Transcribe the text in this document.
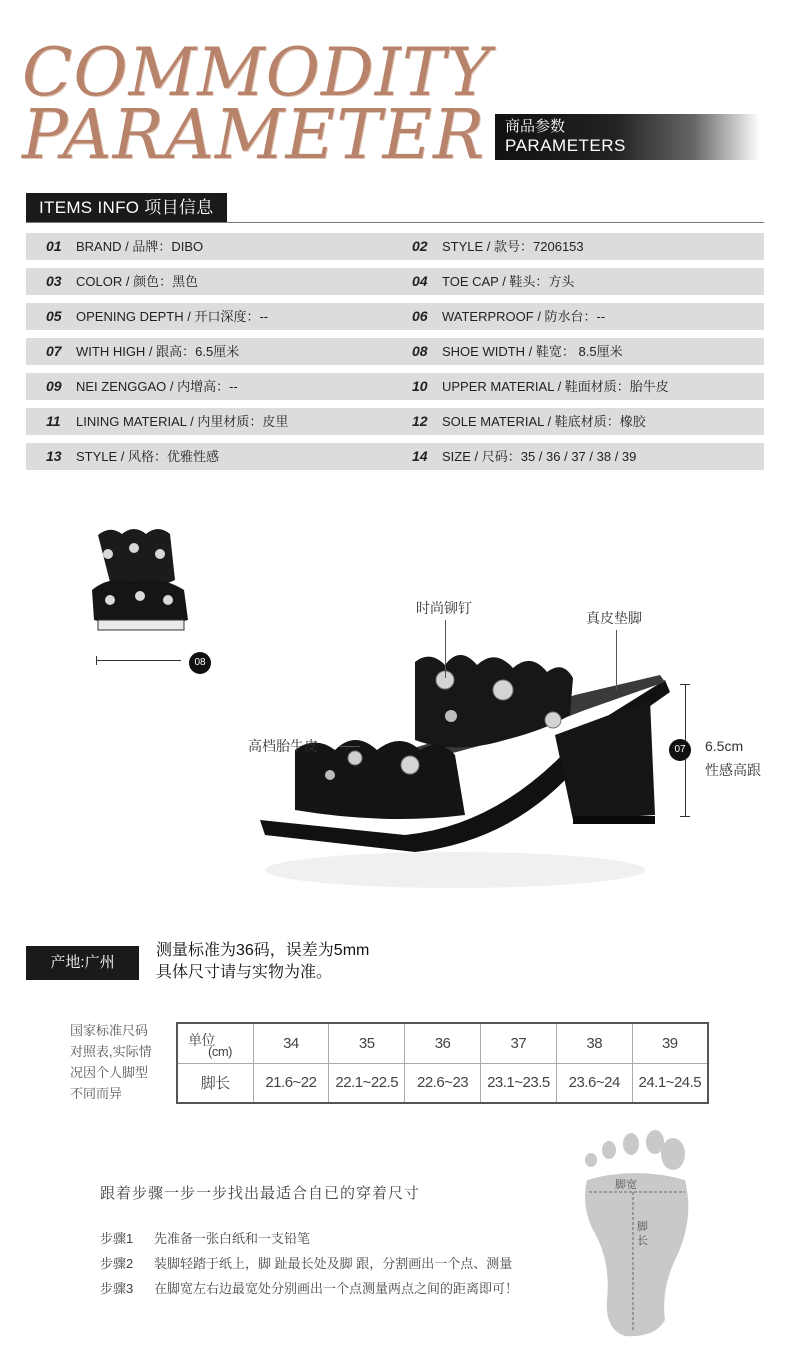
COMMODITY
PARAMETER 商品参数
PARAMETERS
ITEMS INFO 项目信息
01 BRAND / 品牌：DIBO	02 STYLE / 款号：7206153
03 COLOR / 颜色：黑色	04 TOE CAP / 鞋头：方头
05 OPENING DEPTH / 开口深度：--	06 WATERPROOF / 防水台：--
07 WITH HIGH / 跟高：6.5厘米	08 SHOE WIDTH / 鞋宽： 8.5厘米
09 NEI ZENGGAO / 内增高：--	10 UPPER MATERIAL / 鞋面材质：胎牛皮
11 LINING MATERIAL / 内里材质：皮里	12 SOLE MATERIAL / 鞋底材质：橡胶
13 STYLE / 风格：优雅性感	14 SIZE / 尺码：35 / 36 / 37 / 38 / 39
08
时尚铆钉
真皮垫脚
高档胎牛皮	07	6.5cm
性感高跟
产地:广州
测量标准为36码，误差为5mm
具体尺寸请与实物为准。
国家标准尺码
对照表,实际情
况因个人脚型
不同而异
单位
(cm)	34	35	36	37	38	39
脚长	21.6~22	22.1~22.5	22.6~23	23.1~23.5	23.6~24	24.1~24.5
跟着步骤一步一步找出最适合自已的穿着尺寸
步骤1 先准备一张白纸和一支铅笔
步骤2 装脚轻踏于纸上，脚 趾最长处及脚 跟，分割画出一个点、测量
步骤3 在脚宽左右边最宽处分别画出一个点测量两点之间的距离即可！
脚宽
脚 长
